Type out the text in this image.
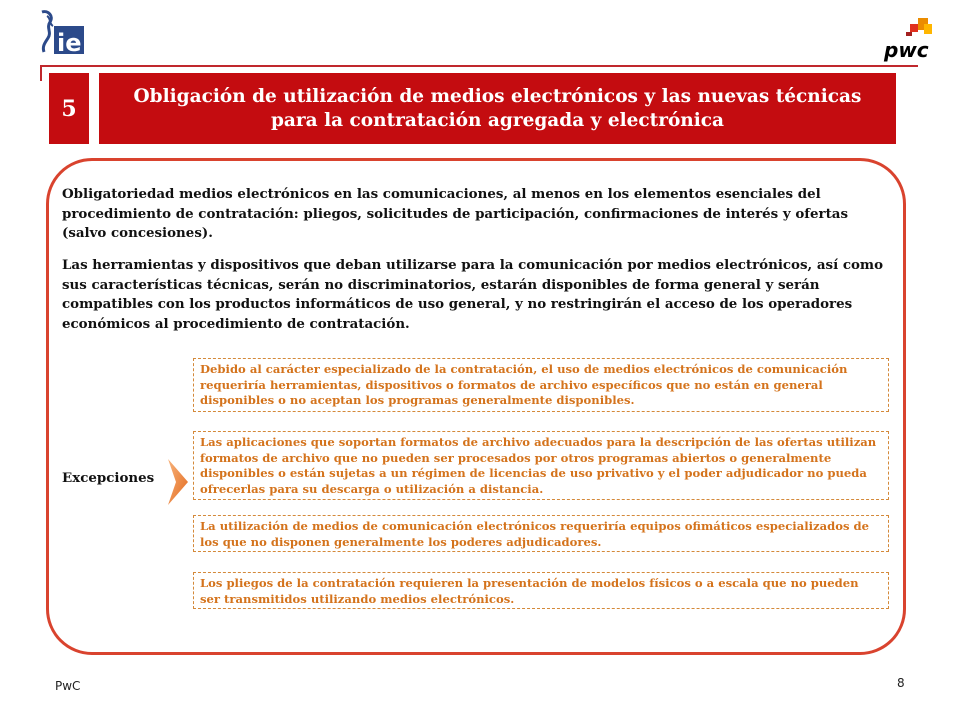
ie	pwc
5	Obligación de utilización de medios electrónicos y las nuevas técnicas para la contratación agregada y electrónica

Obligatoriedad medios electrónicos en las comunicaciones, al menos en los elementos esenciales del procedimiento de contratación: pliegos, solicitudes de participación, confirmaciones de interés y ofertas (salvo concesiones).

Las herramientas y dispositivos que deban utilizarse para la comunicación por medios electrónicos, así como sus características técnicas, serán no discriminatorios, estarán disponibles de forma general y serán compatibles con los productos informáticos de uso general, y no restringirán el acceso de los operadores económicos al procedimiento de contratación.

Excepciones
Debido al carácter especializado de la contratación, el uso de medios electrónicos de comunicación requeriría herramientas, dispositivos o formatos de archivo específicos que no están en general disponibles o no aceptan los programas generalmente disponibles.
Las aplicaciones que soportan formatos de archivo adecuados para la descripción de las ofertas utilizan formatos de archivo que no pueden ser procesados por otros programas abiertos o generalmente disponibles o están sujetas a un régimen de licencias de uso privativo y el poder adjudicador no pueda ofrecerlas para su descarga o utilización a distancia.
La utilización de medios de comunicación electrónicos requeriría equipos ofimáticos especializados de los que no disponen generalmente los poderes adjudicadores.
Los pliegos de la contratación requieren la presentación de modelos físicos o a escala que no pueden ser transmitidos utilizando medios electrónicos.
PwC	8
